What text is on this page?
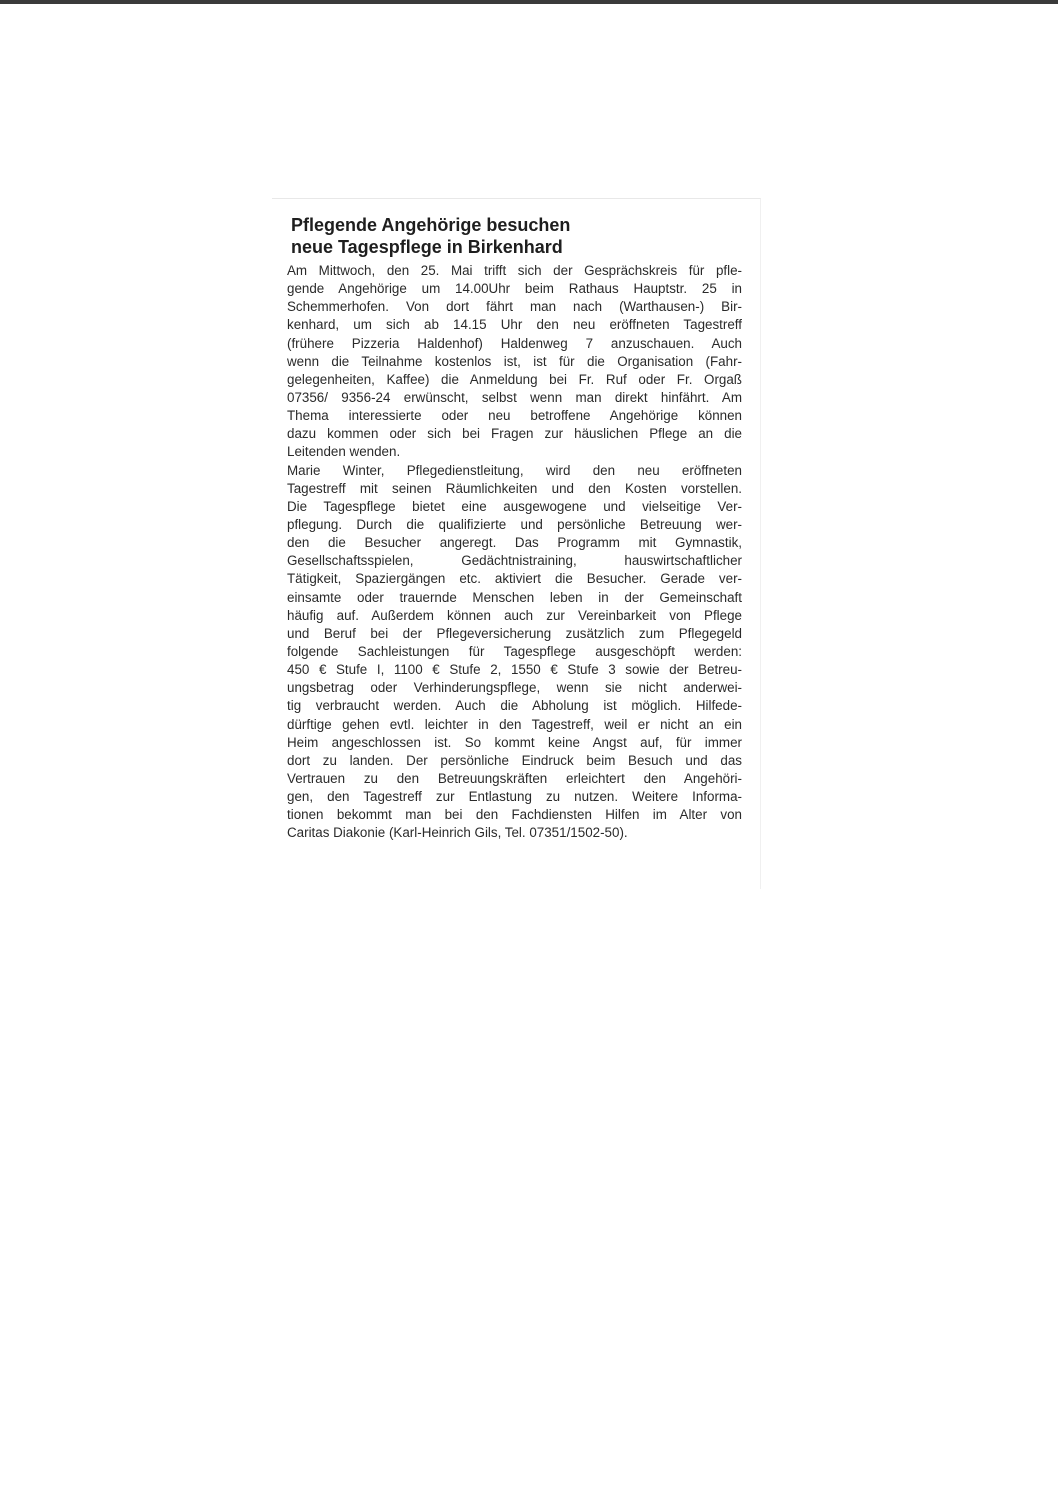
Pflegende Angehörige besuchen
neue Tagespflege in Birkenhard
Am Mittwoch, den 25. Mai trifft sich der Gesprächskreis für pfle-
gende Angehörige um 14.00Uhr beim Rathaus Hauptstr. 25 in
Schemmerhofen. Von dort fährt man nach (Warthausen-) Bir-
kenhard, um sich ab 14.15 Uhr den neu eröffneten Tagestreff
(frühere Pizzeria Haldenhof) Haldenweg 7 anzuschauen. Auch
wenn die Teilnahme kostenlos ist, ist für die Organisation (Fahr-
gelegenheiten, Kaffee) die Anmeldung bei Fr. Ruf oder Fr. Orgaß
07356/ 9356-24 erwünscht, selbst wenn man direkt hinfährt. Am
Thema interessierte oder neu betroffene Angehörige können
dazu kommen oder sich bei Fragen zur häuslichen Pflege an die
Leitenden wenden.
Marie Winter, Pflegedienstleitung, wird den neu eröffneten
Tagestreff mit seinen Räumlichkeiten und den Kosten vorstellen.
Die Tagespflege bietet eine ausgewogene und vielseitige Ver-
pflegung. Durch die qualifizierte und persönliche Betreuung wer-
den die Besucher angeregt. Das Programm mit Gymnastik,
Gesellschaftsspielen, Gedächtnistraining, hauswirtschaftlicher
Tätigkeit, Spaziergängen etc. aktiviert die Besucher. Gerade ver-
einsamte oder trauernde Menschen leben in der Gemeinschaft
häufig auf. Außerdem können auch zur Vereinbarkeit von Pflege
und Beruf bei der Pflegeversicherung zusätzlich zum Pflegegeld
folgende Sachleistungen für Tagespflege ausgeschöpft werden:
450 € Stufe I, 1100 € Stufe 2, 1550 € Stufe 3 sowie der Betreu-
ungsbetrag oder Verhinderungspflege, wenn sie nicht anderwei-
tig verbraucht werden. Auch die Abholung ist möglich. Hilfede-
dürftige gehen evtl. leichter in den Tagestreff, weil er nicht an ein
Heim angeschlossen ist. So kommt keine Angst auf, für immer
dort zu landen. Der persönliche Eindruck beim Besuch und das
Vertrauen zu den Betreuungskräften erleichtert den Angehöri-
gen, den Tagestreff zur Entlastung zu nutzen. Weitere Informa-
tionen bekommt man bei den Fachdiensten Hilfen im Alter von
Caritas Diakonie (Karl-Heinrich Gils, Tel. 07351/1502-50).
